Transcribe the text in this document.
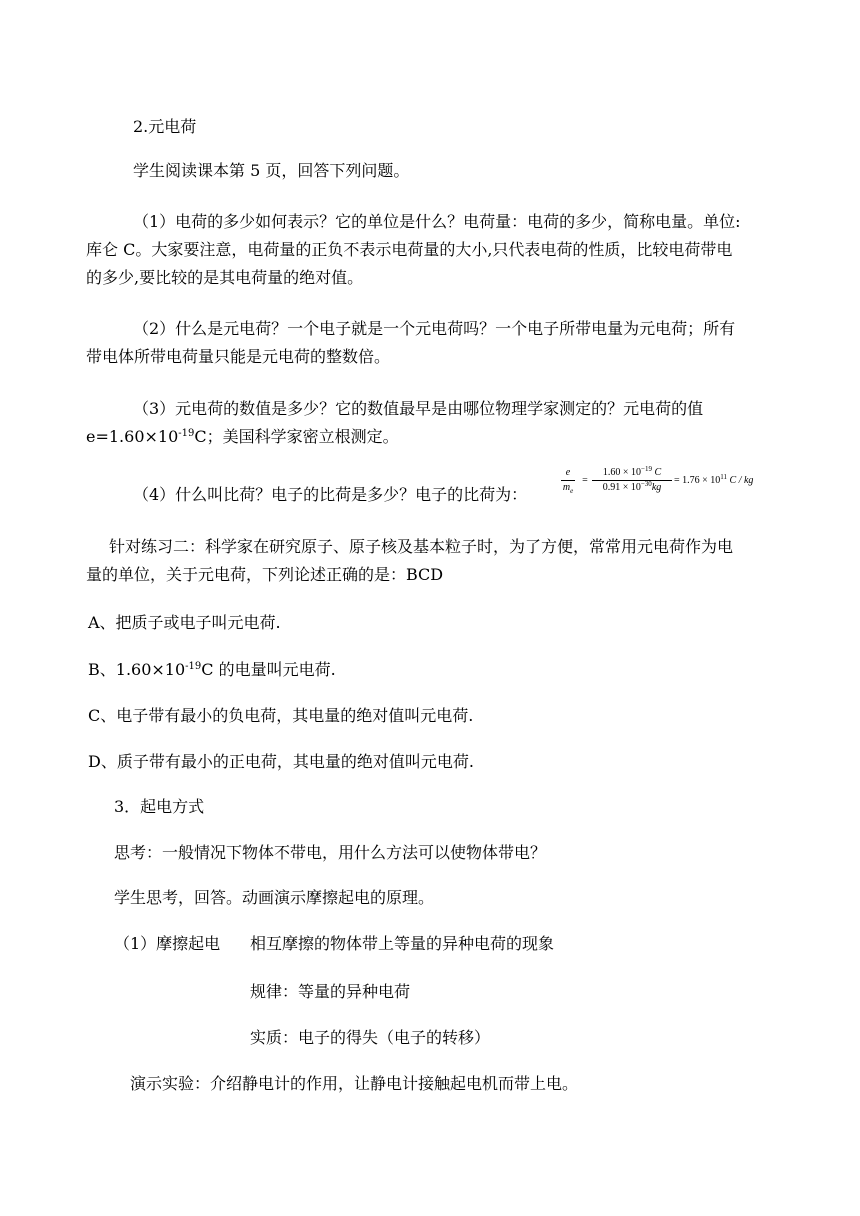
2.元电荷
学生阅读课本第 5 页，回答下列问题。
（1）电荷的多少如何表示？它的单位是什么？电荷量：电荷的多少，简称电量。单位:
库仑 C。大家要注意，电荷量的正负不表示电荷量的大小,只代表电荷的性质，比较电荷带电
的多少,要比较的是其电荷量的绝对值。
（2）什么是元电荷？一个电子就是一个元电荷吗？一个电子所带电量为元电荷；所有
带电体所带电荷量只能是元电荷的整数倍。
（3）元电荷的数值是多少？它的数值最早是由哪位物理学家测定的？元电荷的值
$e=1.60\times 10^{-19}C$；美国科学家密立根测定。
（4）什么叫比荷？电子的比荷是多少？电子的比荷为：
e
$m_e$
=
$1.60 \times 10^{-19}$ C
$0.91 \times 10^{-30}kg$
= $1.76 \times 10^{11}$ C / kg
针对练习二：科学家在研究原子、原子核及基本粒子时，为了方便，常常用元电荷作为电
量的单位，关于元电荷，下列论述正确的是：BCD
A、把质子或电子叫元电荷.
B、$1.60\times 10^{-19}C$ 的电量叫元电荷.
C、电子带有最小的负电荷，其电量的绝对值叫元电荷.
D、质子带有最小的正电荷，其电量的绝对值叫元电荷.
3．起电方式
思考：一般情况下物体不带电，用什么方法可以使物体带电？
学生思考，回答。动画演示摩擦起电的原理。
（1）摩擦起电 相互摩擦的物体带上等量的异种电荷的现象
规律：等量的异种电荷
实质：电子的得失（电子的转移）
演示实验：介绍静电计的作用，让静电计接触起电机而带上电。
